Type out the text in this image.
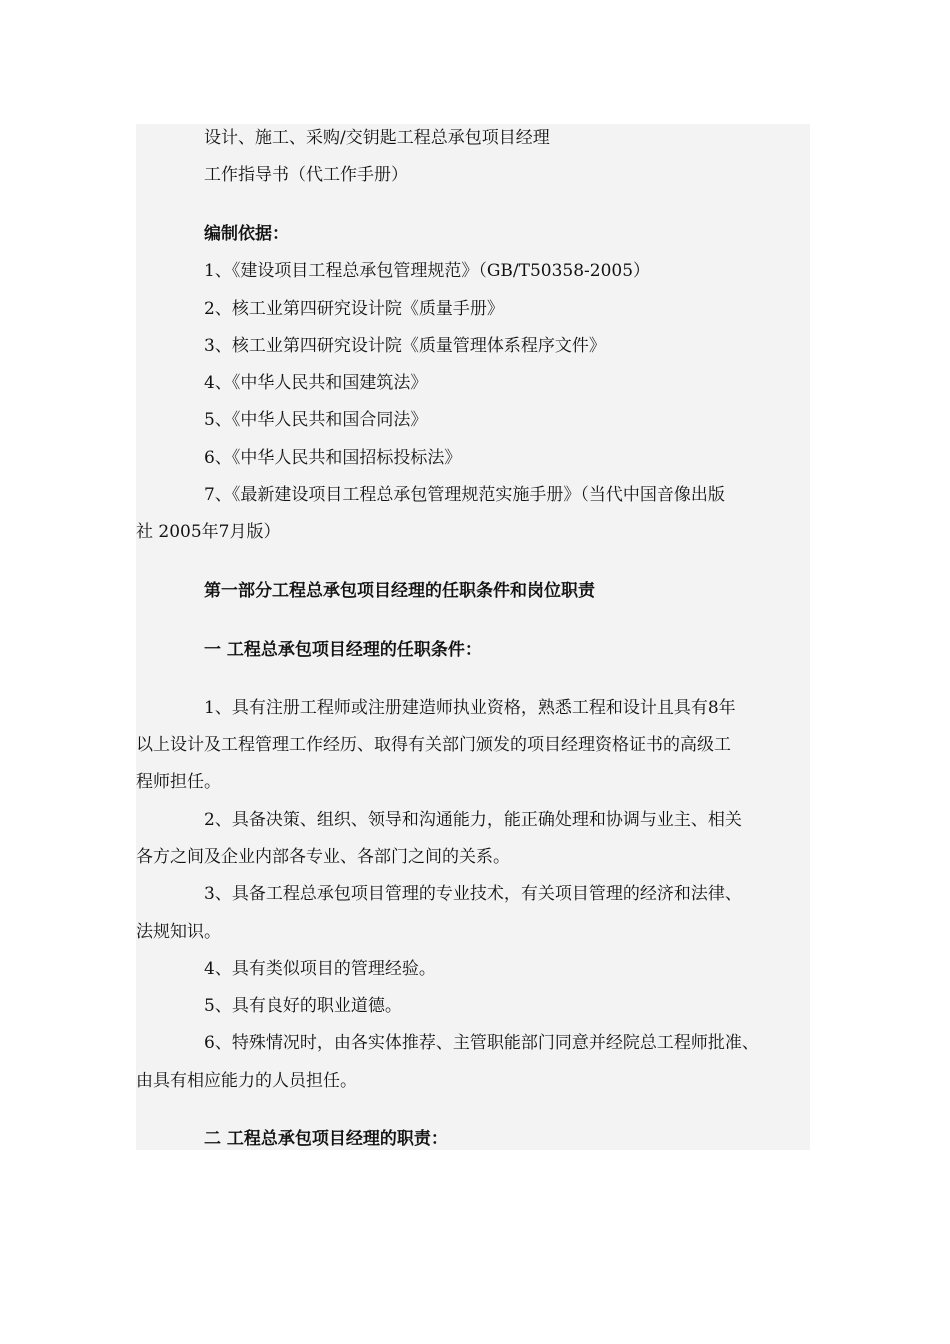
设计、施工、采购/交钥匙工程总承包项目经理

工作指导书（代工作手册）

编制依据：

1、《建设项目工程总承包管理规范》（GB/T50358-2005）

2、核工业第四研究设计院《质量手册》

3、核工业第四研究设计院《质量管理体系程序文件》

4、《中华人民共和国建筑法》

5、《中华人民共和国合同法》

6、《中华人民共和国招标投标法》

7、《最新建设项目工程总承包管理规范实施手册》（当代中国音像出版

社 2005年7月版）

第一部分工程总承包项目经理的任职条件和岗位职责

一 工程总承包项目经理的任职条件：

1、具有注册工程师或注册建造师执业资格，熟悉工程和设计且具有8年

以上设计及工程管理工作经历、取得有关部门颁发的项目经理资格证书的高级工

程师担任。

2、具备决策、组织、领导和沟通能力，能正确处理和协调与业主、相关

各方之间及企业内部各专业、各部门之间的关系。

3、具备工程总承包项目管理的专业技术，有关项目管理的经济和法律、

法规知识。

4、具有类似项目的管理经验。

5、具有良好的职业道德。

6、特殊情况时，由各实体推荐、主管职能部门同意并经院总工程师批准、

由具有相应能力的人员担任。

二 工程总承包项目经理的职责：
